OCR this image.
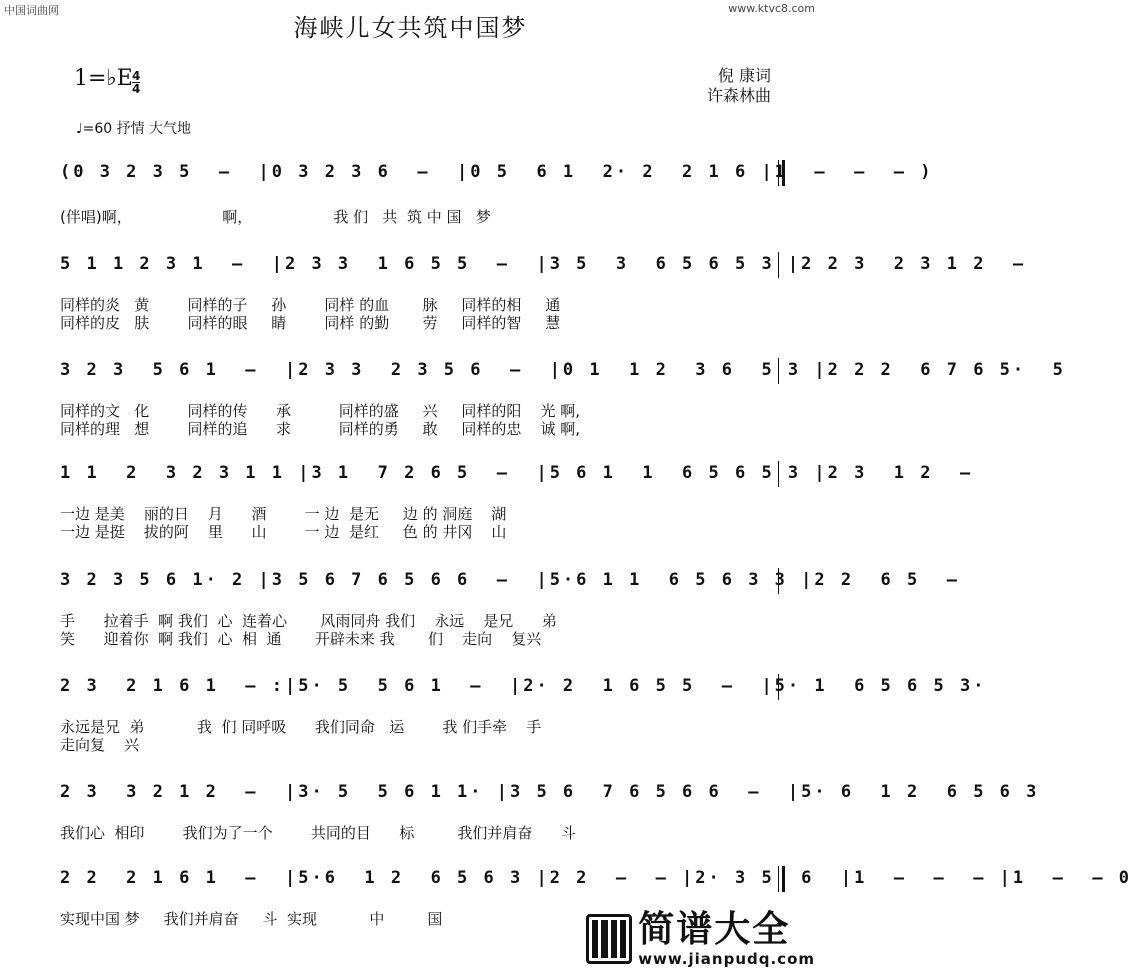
中国词曲网	www.ktvc8.com
海峡儿女共筑中国梦
1=♭E 4
4
倪 康词
许森林曲
♩=60 抒情 大气地
(0 3 2 3 5  –  |0 3 2 3 6  –  |0 5  6 1  2· 2  2 1 6 |1  –  –  – )
(伴唱)啊，                   啊，                 我 们   共  筑 中 国   梦
5 1 1 2 3 1  –  |2 3 3  1 6 5 5  –  |3 5  3  6 5 6 5 3 |2 2 3  2 3 1 2  –
同样的炎   黄        同样的子     孙        同样 的血       脉     同样的相     通
同样的皮   肤        同样的眼     睛        同样 的勤       劳     同样的智     慧
3 2 3  5 6 1  –  |2 3 3  2 3 5 6  –  |0 1  1 2  3 6  5 3 |2 2 2  6 7 6 5·  5
同样的文   化        同样的传      承          同样的盛     兴     同样的阳    光 啊,
同样的理   想        同样的追      求          同样的勇     敢     同样的忠    诚 啊,
1 1  2  3 2 3 1 1 |3 1  7 2 6 5  –  |5 6 1  1  6 5 6 5 3 |2 3  1 2  –
一边 是美    丽的日    月      酒        一 边  是无     边 的 洞庭    湖
一边 是挺    拔的阿    里      山        一 边  是红     色 的 井冈    山
3 2 3 5 6 1· 2 |3 5 6 7 6 5 6 6  –  |5·6 1 1  6 5 6 3 3 |2 2  6 5  –
手      拉着手  啊 我们  心  连着心       风雨同舟 我们    永远    是兄      弟
笑      迎着你  啊 我们  心  相  通       开辟未来 我       们    走向    复兴
2 3  2 1 6 1  – :|5· 5  5 6 1  –  |2· 2  1 6 5 5  –  |5· 1  6 5 6 5 3·
永远是兄  弟           我  们 同呼吸      我们同命   运        我 们手牵    手
走向复    兴
2 3  3 2 1 2  –  |3· 5  5 6 1 1· |3 5 6  7 6 5 6 6  –  |5· 6  1 2  6 5 6 3
我们心  相印        我们为了一个        共同的目      标         我们并肩奋      斗
2 2  2 1 6 1  –  |5·6  1 2  6 5 6 3 |2 2  –  – |2· 3 5  6  |1  –  –  – |1  –  – 0
实现中国 梦     我们并肩奋     斗  实现           中         国	简谱大全
www.jianpudq.com
